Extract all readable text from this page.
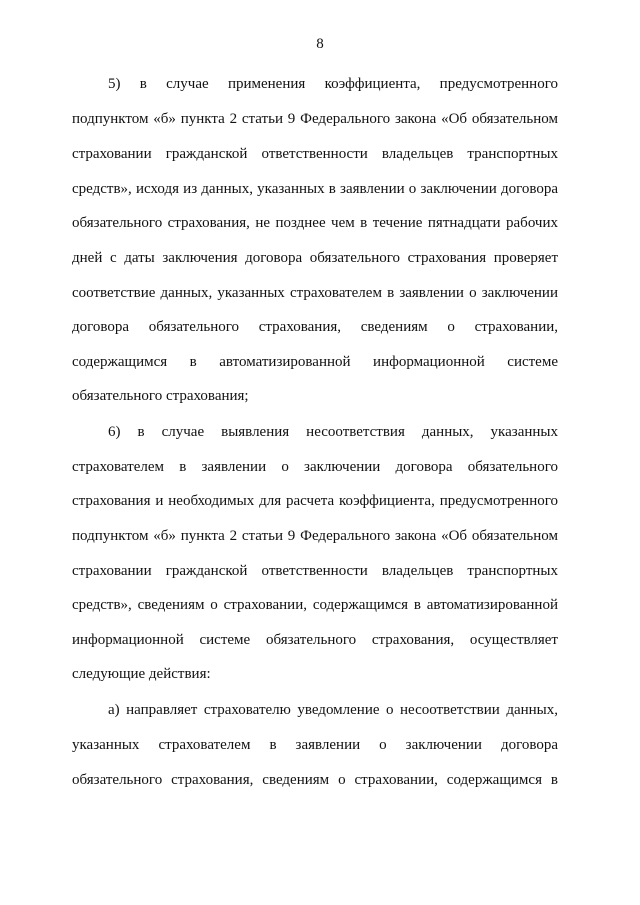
8
5) в случае применения коэффициента, предусмотренного
подпунктом «б» пункта 2 статьи 9 Федерального закона «Об обязательном
страховании гражданской ответственности владельцев транспортных
средств», исходя из данных, указанных в заявлении о заключении договора
обязательного страхования, не позднее чем в течение пятнадцати рабочих
дней с даты заключения договора обязательного страхования проверяет
соответствие данных, указанных страхователем в заявлении о заключении
договора обязательного страхования, сведениям о страховании,
содержащимся в автоматизированной информационной системе
обязательного страхования;
6) в случае выявления несоответствия данных, указанных
страхователем в заявлении о заключении договора обязательного
страхования и необходимых для расчета коэффициента, предусмотренного
подпунктом «б» пункта 2 статьи 9 Федерального закона «Об обязательном
страховании гражданской ответственности владельцев транспортных
средств», сведениям о страховании, содержащимся в автоматизированной
информационной системе обязательного страхования, осуществляет
следующие действия:
а) направляет страхователю уведомление о несоответствии данных,
указанных страхователем в заявлении о заключении договора
обязательного страхования, сведениям о страховании, содержащимся в
